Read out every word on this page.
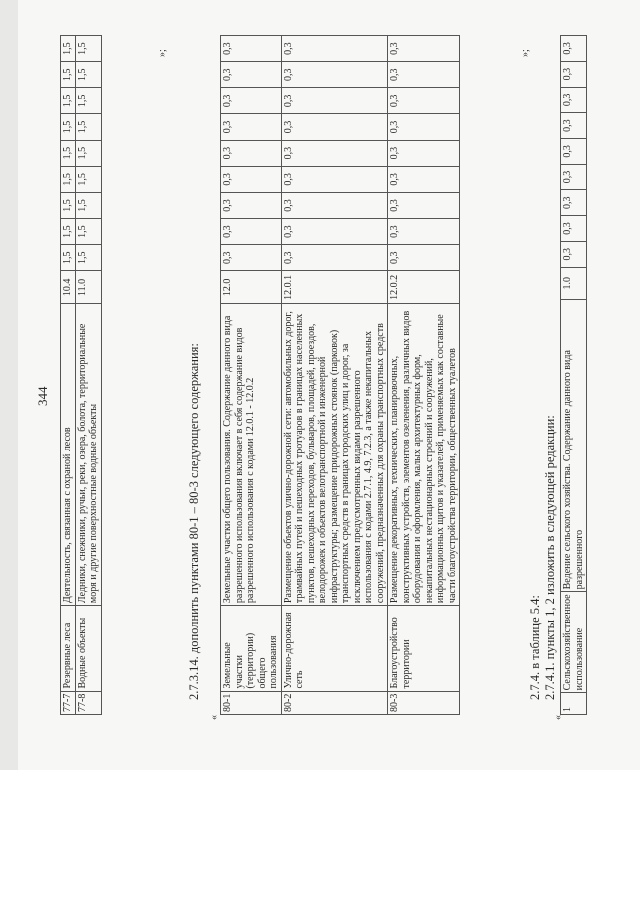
344
77-7	Резервные леса	Деятельность, связанная с охраной лесов	10.4	1,5	1,5	1,5	1,5	1,5	1,5	1,5	1,5	1,5
77-8	Водные объекты	Ледники, снежники, ручьи, реки, озера, болота, территориальные моря и другие поверхностные водные объекты	11.0	1,5	1,5	1,5	1,5	1,5	1,5	1,5	1,5	1,5	»;
2.7.3.14. дополнить пунктами 80-1 – 80-3 следующего содержания:
«
80-1	Земельные участки (территории) общего пользования	Земельные участки общего пользования. Содержание данного вида разрешенного использования включает в себя содержание видов разрешенного использования с кодами 12.0.1 - 12.0.2	12.0	0,3	0,3	0,3	0,3	0,3	0,3	0,3	0,3	0,3
80-2	Улично-дорожная сеть	Размещение объектов улично-дорожной сети: автомобильных дорог, трамвайных путей и пешеходных тротуаров в границах населенных пунктов, пешеходных переходов, бульваров, площадей, проездов, велодорожек и объектов велотранспортной и инженерной инфраструктуры; размещение придорожных стоянок (парковок) транспортных средств в границах городских улиц и дорог, за исключением предусмотренных видами разрешенного использования с кодами 2.7.1, 4.9, 7.2.3, а также некапитальных сооружений, предназначенных для охраны транспортных средств	12.0.1	0,3	0,3	0,3	0,3	0,3	0,3	0,3	0,3	0,3
80-3	Благоустройство территории	Размещение декоративных, технических, планировочных, конструктивных устройств, элементов озеленения, различных видов оборудования и оформления, малых архитектурных форм, некапитальных нестационарных строений и сооружений, информационных щитов и указателей, применяемых как составные части благоустройства территории, общественных туалетов	12.0.2	0,3	0,3	0,3	0,3	0,3	0,3	0,3	0,3	0,3	»;
2.7.4. в таблице 5.4: 2.7.4.1. пункты 1, 2 изложить в следующей редакции:
«
1	Сельскохозяйственное использование	Ведение сельского хозяйства. Содержание данного вида разрешенного	1.0	0,3	0,3	0,3	0,3	0,3	0,3	0,3	0,3	0,3
